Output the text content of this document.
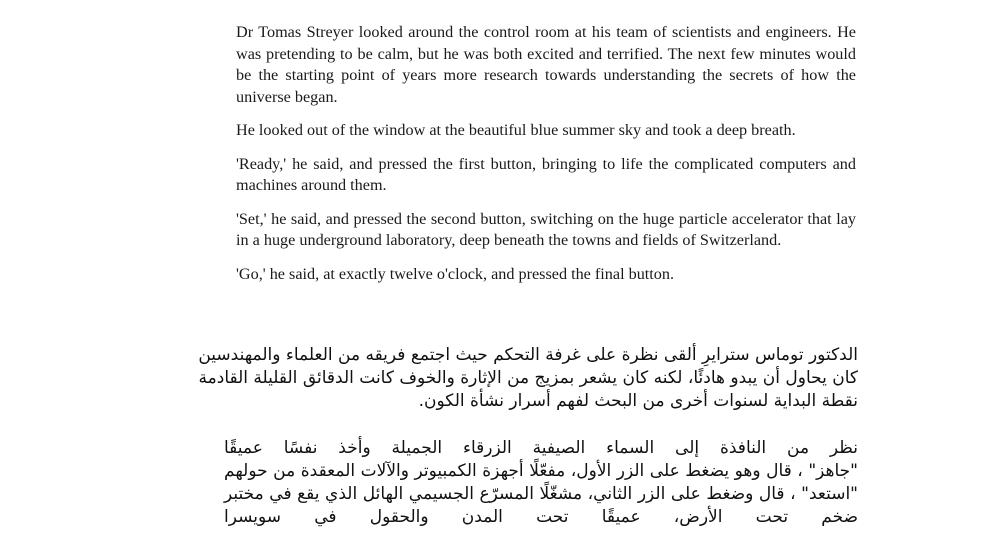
Dr Tomas Streyer looked around the control room at his team of scientists and engineers. He was pretending to be calm, but he was both excited and terrified. The next few minutes would be the starting point of years more research towards understanding the secrets of how the universe began.

He looked out of the window at the beautiful blue summer sky and took a deep breath.

'Ready,' he said, and pressed the first button, bringing to life the complicated computers and machines around them.

'Set,' he said, and pressed the second button, switching on the huge particle accelerator that lay in a huge underground laboratory, deep beneath the towns and fields of Switzerland.

'Go,' he said, at exactly twelve o'clock, and pressed the final button.

الدكتور توماس سترايرِ ألقى نظرة على غرفة التحكم حيث اجتمع فريقه من العلماء والمهندسين
كان يحاول أن يبدو هادئًا، لكنه كان يشعر بمزيج من الإثارة والخوف كانت الدقائق القليلة القادمة
نقطة البداية لسنوات أخرى من البحث لفهم أسرار نشأة الكون.

نظر من النافذة إلى السماء الصيفية الزرقاء الجميلة وأخذ نفسًا عميقًا
"جاهز" ، قال وهو يضغط على الزر الأول، مفعّلًا أجهزة الكمبيوتر والآلات المعقدة من حولهم
"استعد" ، قال وضغط على الزر الثاني، مشغّلًا المسرّع الجسيمي الهائل الذي يقع في مختبر
ضخم تحت الأرض، عميقًا تحت المدن والحقول في سويسرا
